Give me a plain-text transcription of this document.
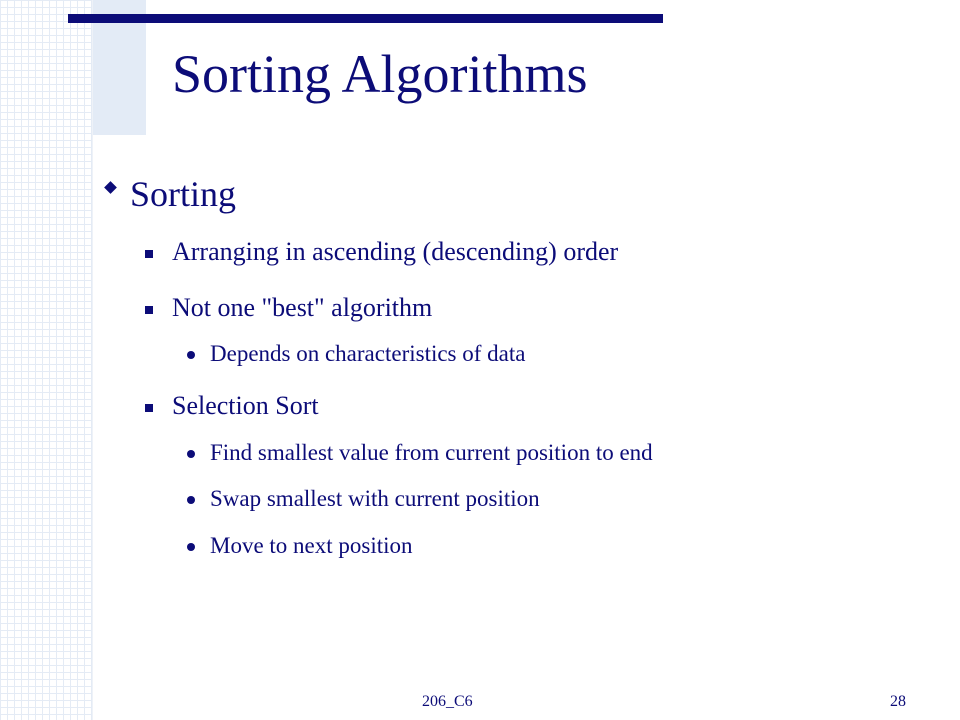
Sorting Algorithms
Sorting
Arranging in ascending (descending) order
Not one "best" algorithm
Depends on characteristics of data
Selection Sort
Find smallest value from current position to end
Swap smallest with current position
Move to next position
206_C6	28
